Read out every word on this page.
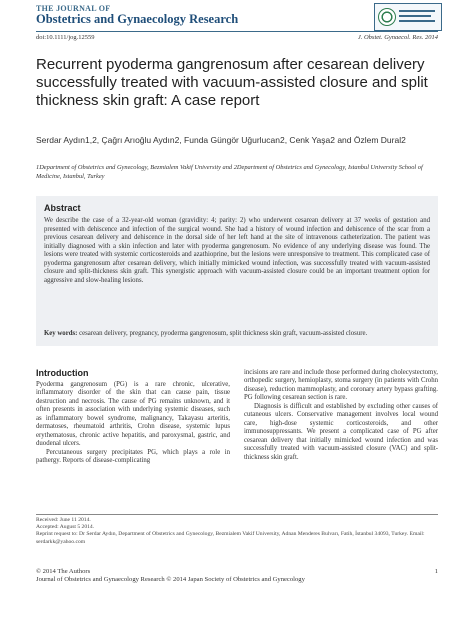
THE JOURNAL OF
Obstetrics and Gynaecology Research
doi:10.1111/jog.12559	J. Obstet. Gynaecol. Res. 2014
Recurrent pyoderma gangrenosum after cesarean delivery successfully treated with vacuum-assisted closure and split thickness skin graft: A case report
Serdar Aydın1,2, Çağrı Arıoğlu Aydın2, Funda Güngör Uğurlucan2, Cenk Yaşa2 and Özlem Dural2
1Department of Obstetrics and Gynecology, Bezmialem Vakif University and 2Department of Obstetrics and Gynecology, Istanbul University School of Medicine, Istanbul, Turkey
Abstract
We describe the case of a 32-year-old woman (gravidity: 4; parity: 2) who underwent cesarean delivery at 37 weeks of gestation and presented with dehiscence and infection of the surgical wound. She had a history of wound infection and dehiscence of the scar from a previous cesarean delivery and dehiscence in the dorsal side of her left hand at the site of intravenous catheterization. The patient was initially diagnosed with a skin infection and later with pyoderma gangrenosum. No evidence of any underlying disease was found. The lesions were treated with systemic corticosteroids and azathioprine, but the lesions were unresponsive to treatment. This complicated case of pyoderma gangrenosum after cesarean delivery, which initially mimicked wound infection, was successfully treated with vacuum-assisted closure and split-thickness skin graft. This synergistic approach with vacuum-assisted closure could be an important treatment option for aggressive and slow-healing lesions.
Key words: cesarean delivery, pregnancy, pyoderma gangrenosum, split thickness skin graft, vacuum-assisted closure.
Introduction

Pyoderma gangrenosum (PG) is a rare chronic, ulcerative, inflammatory disorder of the skin that can cause pain, tissue destruction and necrosis. The cause of PG remains unknown, and it often presents in association with underlying systemic diseases, such as inflammatory bowel syndrome, malignancy, Takayasu arteritis, dermatoses, rheumatoid arthritis, Crohn disease, systemic lupus erythematosus, chronic active hepatitis, and paroxysmal, gastric, and duodenal ulcers.

Percutaneous surgery precipitates PG, which plays a role in pathergy. Reports of disease-complicating

incisions are rare and include those performed during cholecystectomy, orthopedic surgery, hemioplasty, stoma surgery (in patients with Crohn disease), reduction mammoplasty, and coronary artery bypass grafting. PG following cesarean section is rare.

Diagnosis is difficult and established by excluding other causes of cutaneous ulcers. Conservative management involves local wound care, high-dose systemic corticosteroids, and other immunosuppressants. We present a complicated case of PG after cesarean delivery that initially mimicked wound infection and was successfully treated with vacuum-assisted closure (VAC) and split-thickness skin graft.

Received: June 11 2014.
Accepted: August 5 2014.
Reprint request to: Dr Serdar Aydın, Department of Obstetrics and Gynecology, Bezmialem Vakif University, Adnan Menderes Bulvarı, Fatih, İstanbul 34093, Turkey. Email: serdarkk@yahoo.com
© 2014 The Authors
Journal of Obstetrics and Gynaecology Research © 2014 Japan Society of Obstetrics and Gynecology
1
